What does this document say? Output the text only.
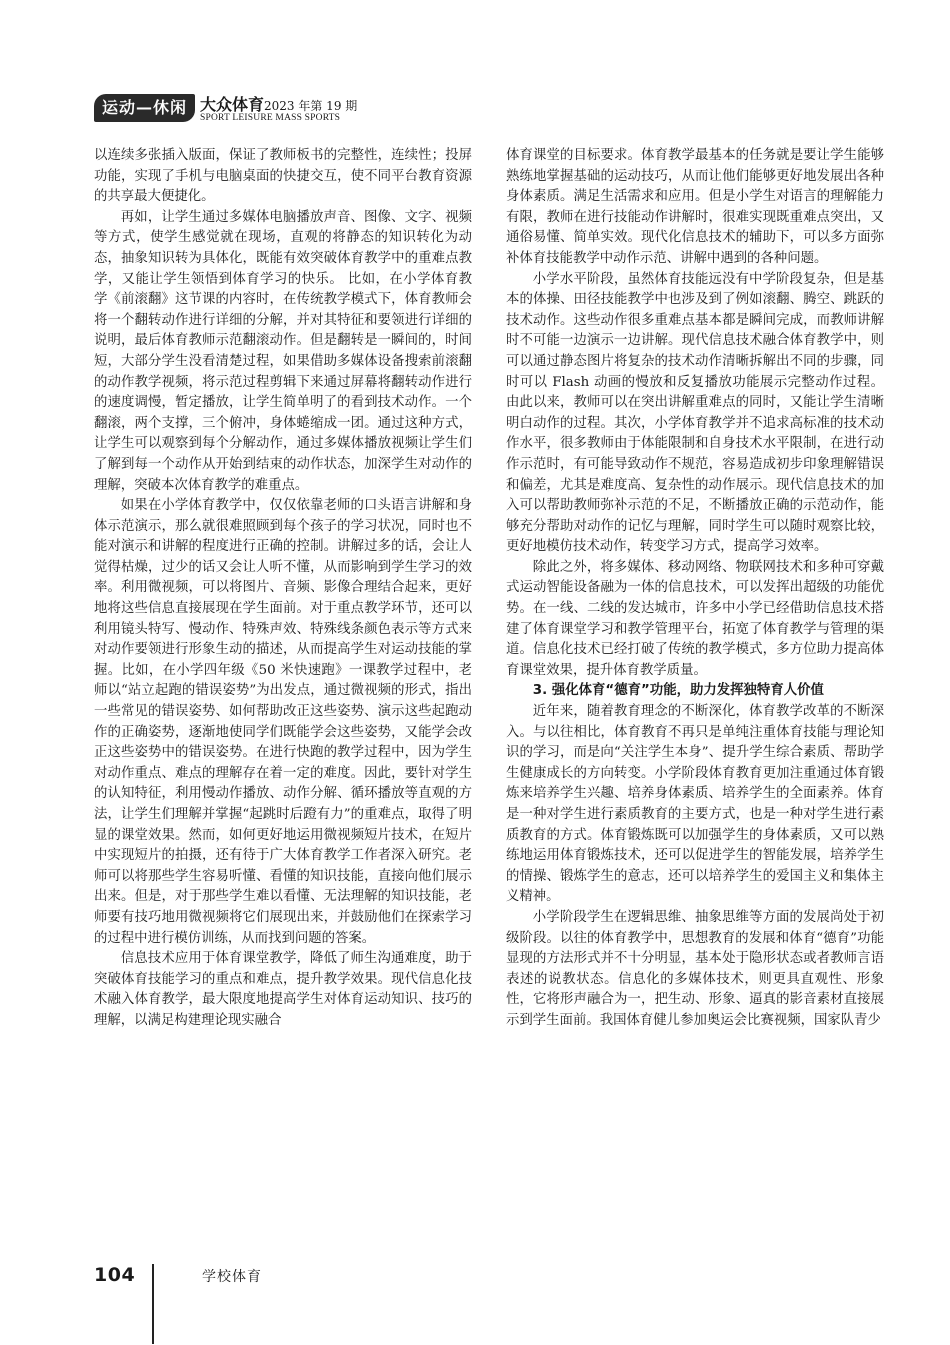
运动—休闲 大众体育2023 年第 19 期
SPORT LEISURE MASS SPORTS

以连续多张插入版面，保证了教师板书的完整性，连续性；投屏功能，实现了手机与电脑桌面的快捷交互，使不同平台教育资源的共享最大便捷化。

再如，让学生通过多媒体电脑播放声音、图像、文字、视频等方式，使学生感觉就在现场，直观的将静态的知识转化为动态，抽象知识转为具体化，既能有效突破体育教学中的重难点教学，又能让学生领悟到体育学习的快乐。 比如，在小学体育教学《前滚翻》这节课的内容时，在传统教学模式下，体育教师会将一个翻转动作进行详细的分解，并对其特征和要领进行详细的说明，最后体育教师示范翻滚动作。但是翻转是一瞬间的，时间短，大部分学生没看清楚过程，如果借助多媒体设备搜索前滚翻的动作教学视频，将示范过程剪辑下来通过屏幕将翻转动作进行的速度调慢，暂定播放，让学生简单明了的看到技术动作。一个翻滚，两个支撑，三个俯冲，身体蜷缩成一团。通过这种方式，让学生可以观察到每个分解动作，通过多媒体播放视频让学生们了解到每一个动作从开始到结束的动作状态，加深学生对动作的理解，突破本次体育教学的难重点。

如果在小学体育教学中，仅仅依靠老师的口头语言讲解和身体示范演示，那么就很难照顾到每个孩子的学习状况，同时也不能对演示和讲解的程度进行正确的控制。讲解过多的话，会让人觉得枯燥，过少的话又会让人听不懂，从而影响到学生学习的效率。利用微视频，可以将图片、音频、影像合理结合起来，更好地将这些信息直接展现在学生面前。对于重点教学环节，还可以利用镜头特写、慢动作、特殊声效、特殊线条颜色表示等方式来对动作要领进行形象生动的描述，从而提高学生对运动技能的掌握。比如，在小学四年级《50 米快速跑》一课教学过程中，老师以“站立起跑的错误姿势”为出发点，通过微视频的形式，指出一些常见的错误姿势、如何帮助改正这些姿势、演示这些起跑动作的正确姿势，逐渐地使同学们既能学会这些姿势，又能学会改正这些姿势中的错误姿势。在进行快跑的教学过程中，因为学生对动作重点、难点的理解存在着一定的难度。因此，要针对学生的认知特征，利用慢动作播放、动作分解、循环播放等直观的方法，让学生们理解并掌握“起跳时后蹬有力”的重难点，取得了明显的课堂效果。然而，如何更好地运用微视频短片技术，在短片中实现短片的拍摄，还有待于广大体育教学工作者深入研究。老师可以将那些学生容易听懂、看懂的知识技能，直接向他们展示出来。但是，对于那些学生难以看懂、无法理解的知识技能，老师要有技巧地用微视频将它们展现出来，并鼓励他们在探索学习的过程中进行模仿训练，从而找到问题的答案。

信息技术应用于体育课堂教学，降低了师生沟通难度，助于突破体育技能学习的重点和难点，提升教学效果。现代信息化技术融入体育教学，最大限度地提高学生对体育运动知识、技巧的理解，以满足构建理论现实融合

体育课堂的目标要求。体育教学最基本的任务就是要让学生能够熟练地掌握基础的运动技巧，从而让他们能够更好地发展出各种身体素质。满足生活需求和应用。但是小学生对语言的理解能力有限，教师在进行技能动作讲解时，很难实现既重难点突出，又通俗易懂、简单实效。现代化信息技术的辅助下，可以多方面弥补体育技能教学中动作示范、讲解中遇到的各种问题。

小学水平阶段，虽然体育技能远没有中学阶段复杂，但是基本的体操、田径技能教学中也涉及到了例如滚翻、腾空、跳跃的技术动作。这些动作很多重难点基本都是瞬间完成，而教师讲解时不可能一边演示一边讲解。现代信息技术融合体育教学中，则可以通过静态图片将复杂的技术动作清晰拆解出不同的步骤，同时可以 Flash 动画的慢放和反复播放功能展示完整动作过程。由此以来，教师可以在突出讲解重难点的同时，又能让学生清晰明白动作的过程。其次，小学体育教学并不追求高标准的技术动作水平，很多教师由于体能限制和自身技术水平限制，在进行动作示范时，有可能导致动作不规范，容易造成初步印象理解错误和偏差，尤其是难度高、复杂性的动作展示。现代信息技术的加入可以帮助教师弥补示范的不足，不断播放正确的示范动作，能够充分帮助对动作的记忆与理解，同时学生可以随时观察比较，更好地模仿技术动作，转变学习方式，提高学习效率。

除此之外，将多媒体、移动网络、物联网技术和多种可穿戴式运动智能设备融为一体的信息技术，可以发挥出超级的功能优势。在一线、二线的发达城市，许多中小学已经借助信息技术搭建了体育课堂学习和教学管理平台，拓宽了体育教学与管理的渠道。信息化技术已经打破了传统的教学模式，多方位助力提高体育课堂效果，提升体育教学质量。

3. 强化体育“德育”功能，助力发挥独特育人价值

近年来，随着教育理念的不断深化，体育教学改革的不断深入。与以往相比，体育教育不再只是单纯注重体育技能与理论知识的学习，而是向“关注学生本身”、提升学生综合素质、帮助学生健康成长的方向转变。小学阶段体育教育更加注重通过体育锻炼来培养学生兴趣、培养身体素质、培养学生的全面素养。体育是一种对学生进行素质教育的主要方式，也是一种对学生进行素质教育的方式。体育锻炼既可以加强学生的身体素质，又可以熟练地运用体育锻炼技术，还可以促进学生的智能发展，培养学生的情操、锻炼学生的意志，还可以培养学生的爱国主义和集体主义精神。

小学阶段学生在逻辑思维、抽象思维等方面的发展尚处于初级阶段。以往的体育教学中，思想教育的发展和体育“德育”功能显现的方法形式并不十分明显，基本处于隐形状态或者教师言语表述的说教状态。信息化的多媒体技术，则更具直观性、形象性，它将形声融合为一，把生动、形象、逼真的影音素材直接展示到学生面前。我国体育健儿参加奥运会比赛视频，国家队青少

104	学校体育
